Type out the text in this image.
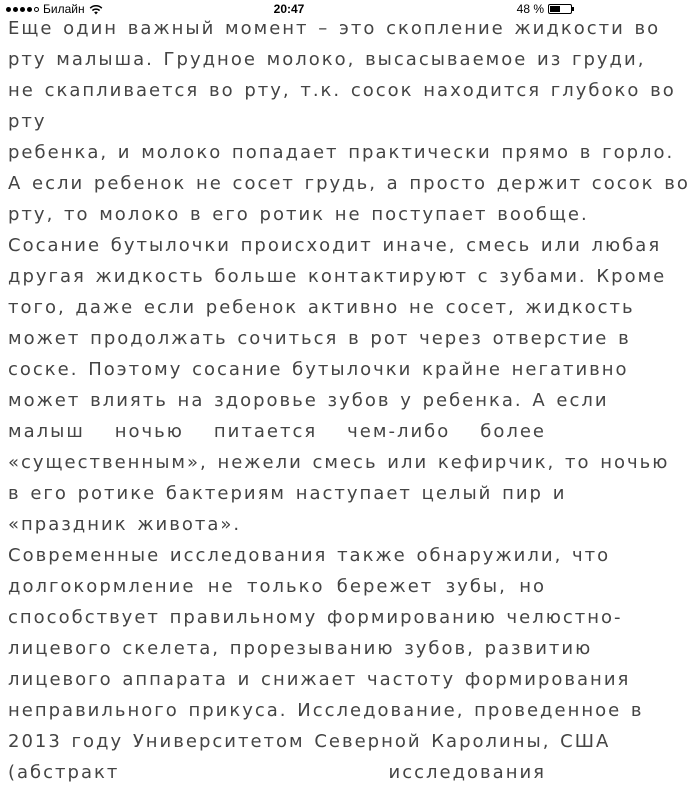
Билайн	20:47	48 %
Еще один важный момент – это скопление жидкости во
рту малыша. Грудное молоко, высасываемое из груди,
не скапливается во рту, т.к. сосок находится глубоко во
рту
ребенка, и молоко попадает практически прямо в горло.
А если ребенок не сосет грудь, а просто держит сосок во
рту, то молоко в его ротик не поступает вообще.
Сосание бутылочки происходит иначе, смесь или любая
другая жидкость больше контактируют с зубами. Кроме
того, даже если ребенок активно не сосет, жидкость
может продолжать сочиться в рот через отверстие в
соске. Поэтому сосание бутылочки крайне негативно
может влиять на здоровье зубов у ребенка. А если
малыш ночью питается чем-либо более
«существенным», нежели смесь или кефирчик, то ночью
в его ротике бактериям наступает целый пир и
«праздник живота».
Современные исследования также обнаружили, что
долгокормление не только бережет зубы, но
способствует правильному формированию челюстно-
лицевого скелета, прорезыванию зубов, развитию
лицевого аппарата и снижает частоту формирования
неправильного прикуса. Исследование, проведенное в
2013 году Университетом Северной Каролины, США
(абстракт исследования
